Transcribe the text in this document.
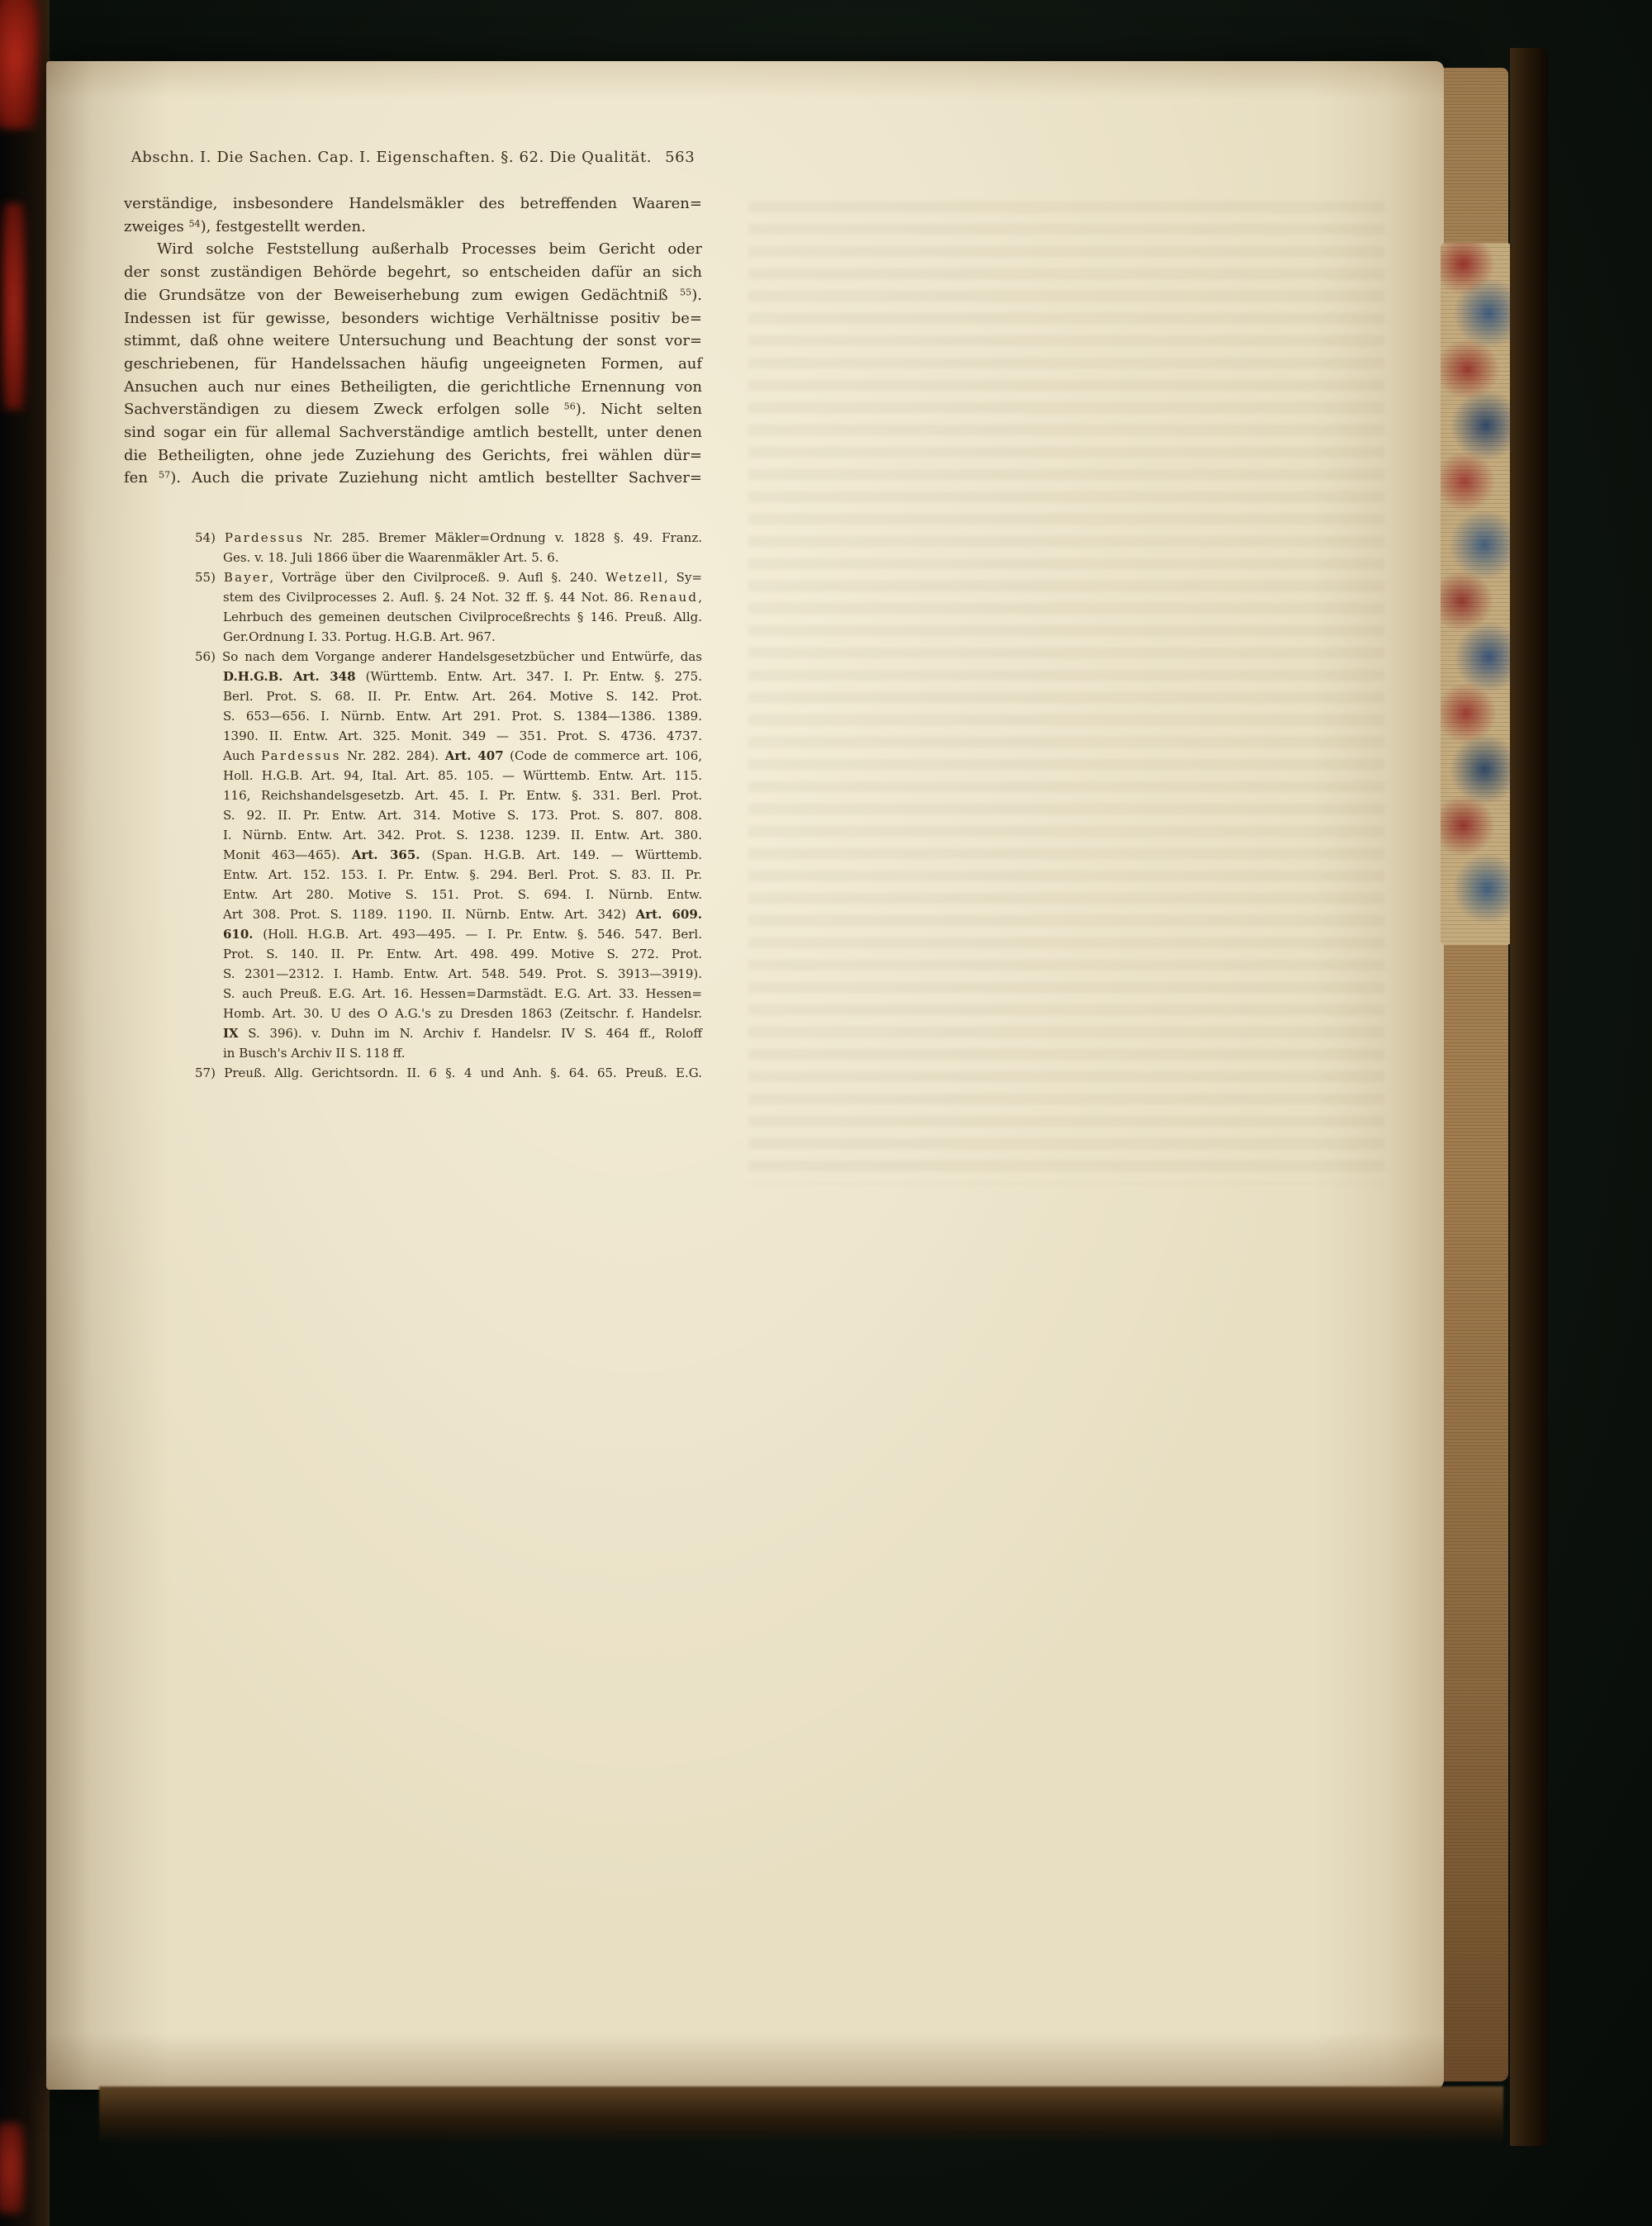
Abschn. I. Die Sachen. Cap. I. Eigenschaften. §. 62. Die Qualität. 563
verständige, insbesondere Handelsmäkler des betreffenden Waaren=
zweiges $^{54}$), festgestellt werden.
Wird solche Feststellung außerhalb Processes beim Gericht oder
der sonst zuständigen Behörde begehrt, so entscheiden dafür an sich
die Grundsätze von der Beweiserhebung zum ewigen Gedächtniß $^{55}$).
Indessen ist für gewisse, besonders wichtige Verhältnisse positiv be=
stimmt, daß ohne weitere Untersuchung und Beachtung der sonst vor=
geschriebenen, für Handelssachen häufig ungeeigneten Formen, auf
Ansuchen auch nur eines Betheiligten, die gerichtliche Ernennung von
Sachverständigen zu diesem Zweck erfolgen solle $^{56}$). Nicht selten
sind sogar ein für allemal Sachverständige amtlich bestellt, unter denen
die Betheiligten, ohne jede Zuziehung des Gerichts, frei wählen dür=
fen $^{57}$). Auch die private Zuziehung nicht amtlich bestellter Sachver=
54) Pardessus Nr. 285. Bremer Mäkler=Ordnung v. 1828 §. 49. Franz.
Ges. v. 18. Juli 1866 über die Waarenmäkler Art. 5. 6.
55) Bayer, Vorträge über den Civilproceß. 9. Aufl §. 240. Wetzell, Sy=
stem des Civilprocesses 2. Aufl. §. 24 Not. 32 ff. §. 44 Not. 86. Renaud,
Lehrbuch des gemeinen deutschen Civilproceßrechts § 146. Preuß. Allg.
Ger.Ordnung I. 33. Portug. H.G.B. Art. 967.
56) So nach dem Vorgange anderer Handelsgesetzbücher und Entwürfe, das
D.H.G.B. Art. 348 (Württemb. Entw. Art. 347. I. Pr. Entw. §. 275.
Berl. Prot. S. 68. II. Pr. Entw. Art. 264. Motive S. 142. Prot.
S. 653—656. I. Nürnb. Entw. Art 291. Prot. S. 1384—1386. 1389.
1390. II. Entw. Art. 325. Monit. 349 — 351. Prot. S. 4736. 4737.
Auch Pardessus Nr. 282. 284). Art. 407 (Code de commerce art. 106,
Holl. H.G.B. Art. 94, Ital. Art. 85. 105. — Württemb. Entw. Art. 115.
116, Reichshandelsgesetzb. Art. 45. I. Pr. Entw. §. 331. Berl. Prot.
S. 92. II. Pr. Entw. Art. 314. Motive S. 173. Prot. S. 807. 808.
I. Nürnb. Entw. Art. 342. Prot. S. 1238. 1239. II. Entw. Art. 380.
Monit 463—465). Art. 365. (Span. H.G.B. Art. 149. — Württemb.
Entw. Art. 152. 153. I. Pr. Entw. §. 294. Berl. Prot. S. 83. II. Pr.
Entw. Art 280. Motive S. 151. Prot. S. 694. I. Nürnb. Entw.
Art 308. Prot. S. 1189. 1190. II. Nürnb. Entw. Art. 342) Art. 609.
610. (Holl. H.G.B. Art. 493—495. — I. Pr. Entw. §. 546. 547. Berl.
Prot. S. 140. II. Pr. Entw. Art. 498. 499. Motive S. 272. Prot.
S. 2301—2312. I. Hamb. Entw. Art. 548. 549. Prot. S. 3913—3919).
S. auch Preuß. E.G. Art. 16. Hessen=Darmstädt. E.G. Art. 33. Hessen=
Homb. Art. 30. U des O A.G.'s zu Dresden 1863 (Zeitschr. f. Handelsr.
IX S. 396). v. Duhn im N. Archiv f. Handelsr. IV S. 464 ff., Roloff
in Busch's Archiv II S. 118 ff.
57) Preuß. Allg. Gerichtsordn. II. 6 §. 4 und Anh. §. 64. 65. Preuß. E.G.
